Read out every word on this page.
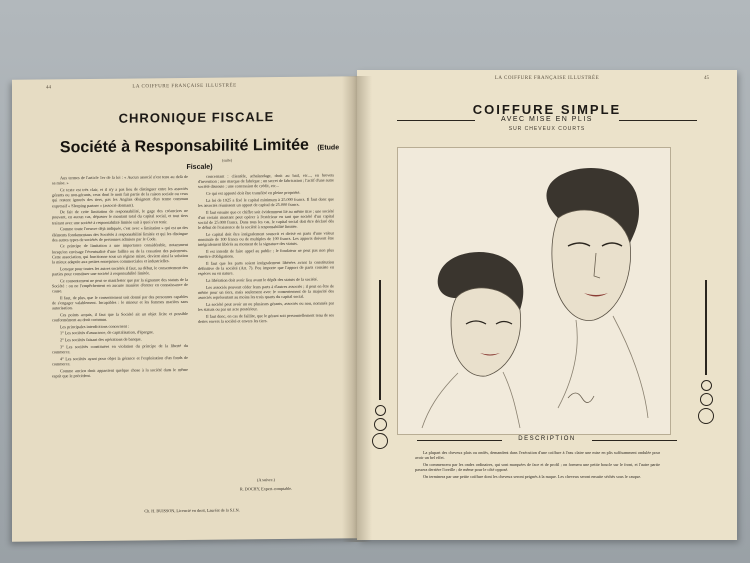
44	LA COIFFURE FRANÇAISE ILLUSTRÉE
CHRONIQUE FISCALE
Société à Responsabilité Limitée (Etude Fiscale)
(suite)

Aux termes de l'article 1er de la loi : « Aucun associé n'est tenu au delà de sa mise. »

Ce texte est très clair, et il n'y a pas lieu de distinguer entre les associés gérants ou non-gérants, ceux dont le nom fait partie de la raison sociale ou ceux qui restent ignorés des tiers, pas les Anglais désignent d'un terme commun expressif « Sleeping partner » (associé dormant).

De fait de cette limitation de responsabilité, le gage des créanciers ne pouvant, en aucun cas, dépasser le montant total du capital social, et tout tiers traitant avec une société à responsabilité limitée sait à quoi s'en tenir.

Comme toute l'oeuvre déjà indiquée, c'est avec « limitation » qui est un des éléments fondamentaux des Sociétés à responsabilité limitée et qui les distingue des autres types de sociétés de personnes admises par le Code.

Ce principe de limitation a une importance considérable, notamment lorsqu'on envisage l'éventualité d'une faillite ou de la cessation des paiements. Cette association, qui fonctionne sous un régime mixte, devient ainsi la solution la mieux adaptée aux petites entreprises commerciales et industrielles.

Lorsque pour toutes les autres sociétés il faut, au début, le consentement des parties pour constituer une société à responsabilité limitée.

Ce consentement ne peut se manifester que par la signature des statuts de la Société : on ne l'empêchement en aucune manière d'entrer en connaissance de cause.

Il faut, de plus, que le consentement soit donné par des personnes capables de s'engager valablement. Incapables : le mineur et les femmes mariées sans autorisation.

Ces points acquis, il faut que la Société ait un objet licite et possible conformément au droit commun.

Les principales interdictions concernent :

1° Les sociétés d'assurance, de capitalisation, d'épargne.

2° Les sociétés faisant des opérations de banque.

3° Les sociétés constituées en violation du principe de la liberté du commerce.

4° Les sociétés ayant pour objet la gérance et l'exploitation d'un fonds de commerce.

Comme ancien droit appartient quelque chose à la société dans le même esprit que le précédent.

concernant : clientèle, achalandage, droit au bail, etc..., en brevets d'invention ; une marque de fabrique ; un secret de fabrication ; l'actif d'une autre société dissoute ; une concession de crédit, etc...

Ce qui est apporté doit être transféré en pleine propriété.

La loi de 1925 a fixé le capital minimum à 25.000 francs. Il faut donc que les associés réunissent un apport de capital de 25.000 francs.

Il faut ensuite que ce chiffre soit évidemment lié au même titre ; une société d'un certain montant peut opérer à l'extérieur en tant que société d'un capital social de 25.000 francs. Dans tous les cas, le capital social doit être déclaré dès le début de l'existence de la société à responsabilité limitée.

Le capital doit être intégralement souscrit et divisé en parts d'une valeur nominale de 100 francs ou de multiples de 100 francs. Les apports doivent être intégralement libérés au moment de la signature des statuts.

Il est interdit de faire appel au public ; le fondateur ne peut pas non plus émettre d'obligations.

Il faut que les parts soient intégralement libérées avant la constitution définitive de la société (Art. 7). Peu importe que l'apport de parts consiste en espèces ou en nature.

La libération doit avoir lieu avant le dépôt des statuts de la société.

Les associés peuvent céder leurs parts à d'autres associés ; il peut en être de même pour un tiers, mais seulement avec le consentement de la majorité des associés représentant au moins les trois quarts du capital social.

La société peut avoir un ou plusieurs gérants, associés ou non, nommés par les statuts ou par un acte postérieur.

Il faut donc, en cas de faillite, que le gérant soit personnellement tenu de ses dettes envers la société et envers les tiers.

(A suivre.)
R. DOCHY, Expert-comptable.
Ch. H. BUISSON, Licencié en droit, Lauréat de la S.I.N.
LA COIFFURE FRANÇAISE ILLUSTRÉE	45
COIFFURE SIMPLE
AVEC MISE EN PLIS
SUR CHEVEUX COURTS
DESCRIPTION

La plupart des cheveux plats ou ondés, demandent dans l'exécution d'une coiffure à l'eau claire une mise en plis suffisamment ondulée pour avoir un bel effet.

On commencera par les ondes ordinaires, qui sont marquées de face et de profil ; on formera une petite boucle sur le front, et l'autre partie passera derrière l'oreille ; de même pour le côté opposé.

On terminera par une petite coiffure dont les cheveux seront peignés à la nuque. Les cheveux seront ensuite séchés sous le casque.
